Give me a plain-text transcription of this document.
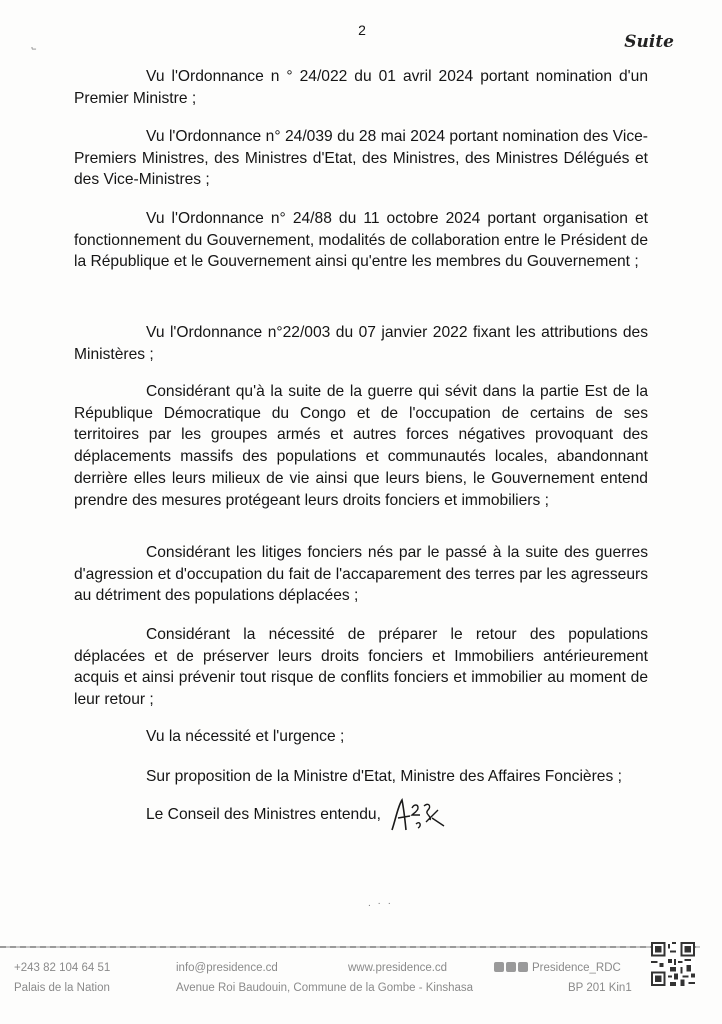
2
·̵	Suite

Vu l'Ordonnance n ° 24/022 du 01 avril 2024 portant nomination d'un Premier Ministre ;

Vu l'Ordonnance n° 24/039 du 28 mai 2024 portant nomination des Vice-Premiers Ministres, des Ministres d'Etat, des Ministres, des Ministres Délégués et des Vice-Ministres ;

Vu l'Ordonnance n° 24/88 du 11 octobre 2024 portant organisation et fonctionnement du Gouvernement, modalités de collaboration entre le Président de la République et le Gouvernement ainsi qu'entre les membres du Gouvernement ;

Vu l'Ordonnance n°22/003 du 07 janvier 2022 fixant les attributions des Ministères ;

Considérant qu'à la suite de la guerre qui sévit dans la partie Est de la République Démocratique du Congo et de l'occupation de certains de ses territoires par les groupes armés et autres forces négatives provoquant des déplacements massifs des populations et communautés locales, abandonnant derrière elles leurs milieux de vie ainsi que leurs biens, le Gouvernement entend prendre des mesures protégeant leurs droits fonciers et immobiliers ;

Considérant les litiges fonciers nés par le passé à la suite des guerres d'agression et d'occupation du fait de l'accaparement des terres par les agresseurs au détriment des populations déplacées ;

Considérant la nécessité de préparer le retour des populations déplacées et de préserver leurs droits fonciers et Immobiliers antérieurement acquis et ainsi prévenir tout risque de conflits fonciers et immobilier au moment de leur retour ;

Vu la nécessité et l'urgence ;

Sur proposition de la Ministre d'Etat, Ministre des Affaires Foncières ;

Le Conseil des Ministres entendu,

. · ·
+243 82 104 64 51	info@presidence.cd	www.presidence.cd	Presidence_RDC
Palais de la Nation	Avenue Roi Baudouin, Commune de la Gombe - Kinshasa	BP 201 Kin1
